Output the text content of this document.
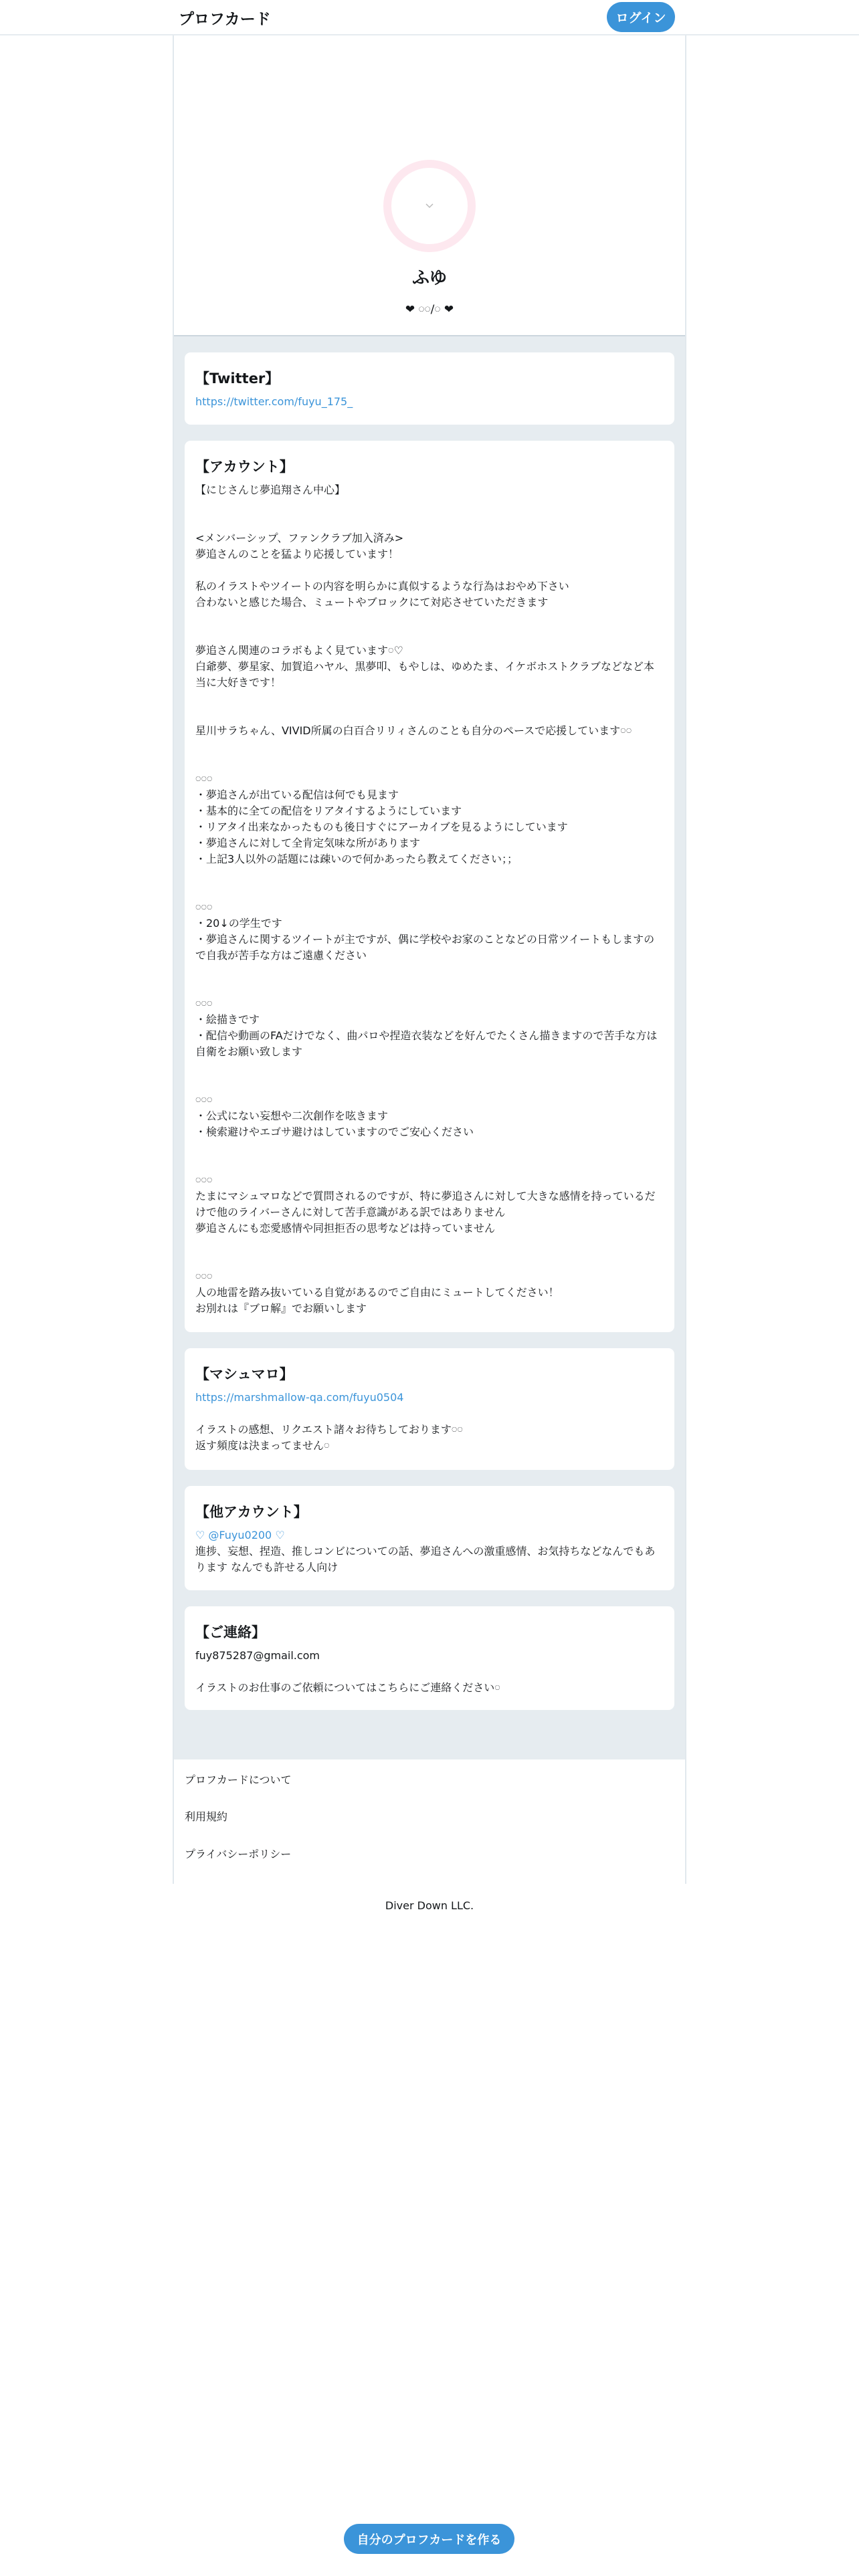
プロフカード	ログイン
ふゆ
❤ 𓏸𓏸/𓏸 ❤
【Twitter】
https://twitter.com/fuyu_175_
【アカウント】
【にじさんじ夢追翔さん中心】

<メンバーシップ、ファンクラブ加入済み>
夢追さんのことを猛より応援しています！

私のイラストやツイートの内容を明らかに真似するような行為はおやめ下さい
合わないと感じた場合、ミュートやブロックにて対応させていただきます

夢追さん関連のコラボもよく見ています𓏸♡
白爺夢、夢星家、加賀追ハヤル、黒夢叩、もやしは、ゆめたま、イケボホストクラブなどなど本当に大好きです！

星川サラちゃん、VIVID所属の白百合リリィさんのことも自分のペースで応援しています𓏸𓏸

𓏸𓏸𓏸
・夢追さんが出ている配信は何でも見ます
・基本的に全ての配信をリアタイするようにしています
・リアタイ出来なかったものも後日すぐにアーカイブを見るようにしています
・夢追さんに対して全肯定気味な所があります
・上記3人以外の話題には疎いので何かあったら教えてください；；

𓏸𓏸𓏸
・20↓の学生です
・夢追さんに関するツイートが主ですが、偶に学校やお家のことなどの日常ツイートもしますので自我が苦手な方はご遠慮ください

𓏸𓏸𓏸
・絵描きです
・配信や動画のFAだけでなく、曲パロや捏造衣装などを好んでたくさん描きますので苦手な方は自衛をお願い致します

𓏸𓏸𓏸
・公式にない妄想や二次創作を呟きます
・検索避けやエゴサ避けはしていますのでご安心ください

𓏸𓏸𓏸
たまにマシュマロなどで質問されるのですが、特に夢追さんに対して大きな感情を持っているだけで他のライバーさんに対して苦手意識がある訳ではありません
夢追さんにも恋愛感情や同担拒否の思考などは持っていません

𓏸𓏸𓏸
人の地雷を踏み抜いている自覚があるのでご自由にミュートしてください！
お別れは『ブロ解』でお願いします
【マシュマロ】
https://marshmallow-qa.com/fuyu0504
イラストの感想、リクエスト諸々お待ちしております𓏸𓏸
返す頻度は決まってません𓏸
【他アカウント】
♡ @Fuyu0200 ♡
進捗、妄想、捏造、推しコンビについての話、夢追さんへの激重感情、お気持ちなどなんでもあります なんでも許せる人向け
【ご連絡】
fuy875287@gmail.com
イラストのお仕事のご依頼についてはこちらにご連絡ください𓏸
プロフカードについて
利用規約
プライバシーポリシー
Diver Down LLC.
自分のプロフカードを作る
